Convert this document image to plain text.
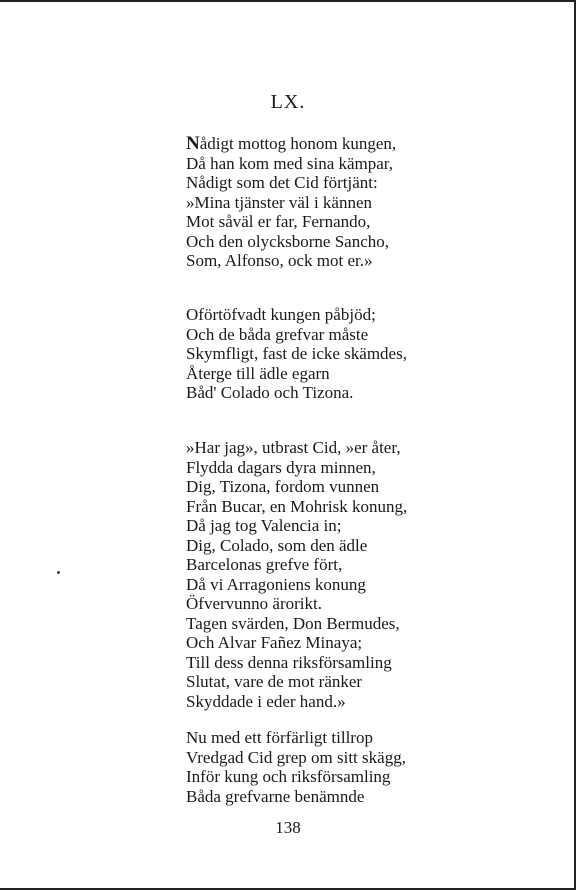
LX.
Nådigt mottog honom kungen,
Då han kom med sina kämpar,
Nådigt som det Cid förtjänt:
»Mina tjänster väl i kännen
Mot såväl er far, Fernando,
Och den olycksborne Sancho,
Som, Alfonso, ock mot er.»
Oförtöfvadt kungen påbjöd;
Och de båda grefvar måste
Skymfligt, fast de icke skämdes,
Återge till ädle egarn
Båd' Colado och Tizona.
»Har jag», utbrast Cid, »er åter,
Flydda dagars dyra minnen,
Dig, Tizona, fordom vunnen
Från Bucar, en Mohrisk konung,
Då jag tog Valencia in;
Dig, Colado, som den ädle
Barcelonas grefve fört,
Då vi Arragoniens konung
Öfvervunno ärorikt.
Tagen svärden, Don Bermudes,
Och Alvar Fañez Minaya;
Till dess denna riksförsamling
Slutat, vare de mot ränker
Skyddade i eder hand.»
Nu med ett förfärligt tillrop
Vredgad Cid grep om sitt skägg,
Inför kung och riksförsamling
Båda grefvarne benämnde
138
